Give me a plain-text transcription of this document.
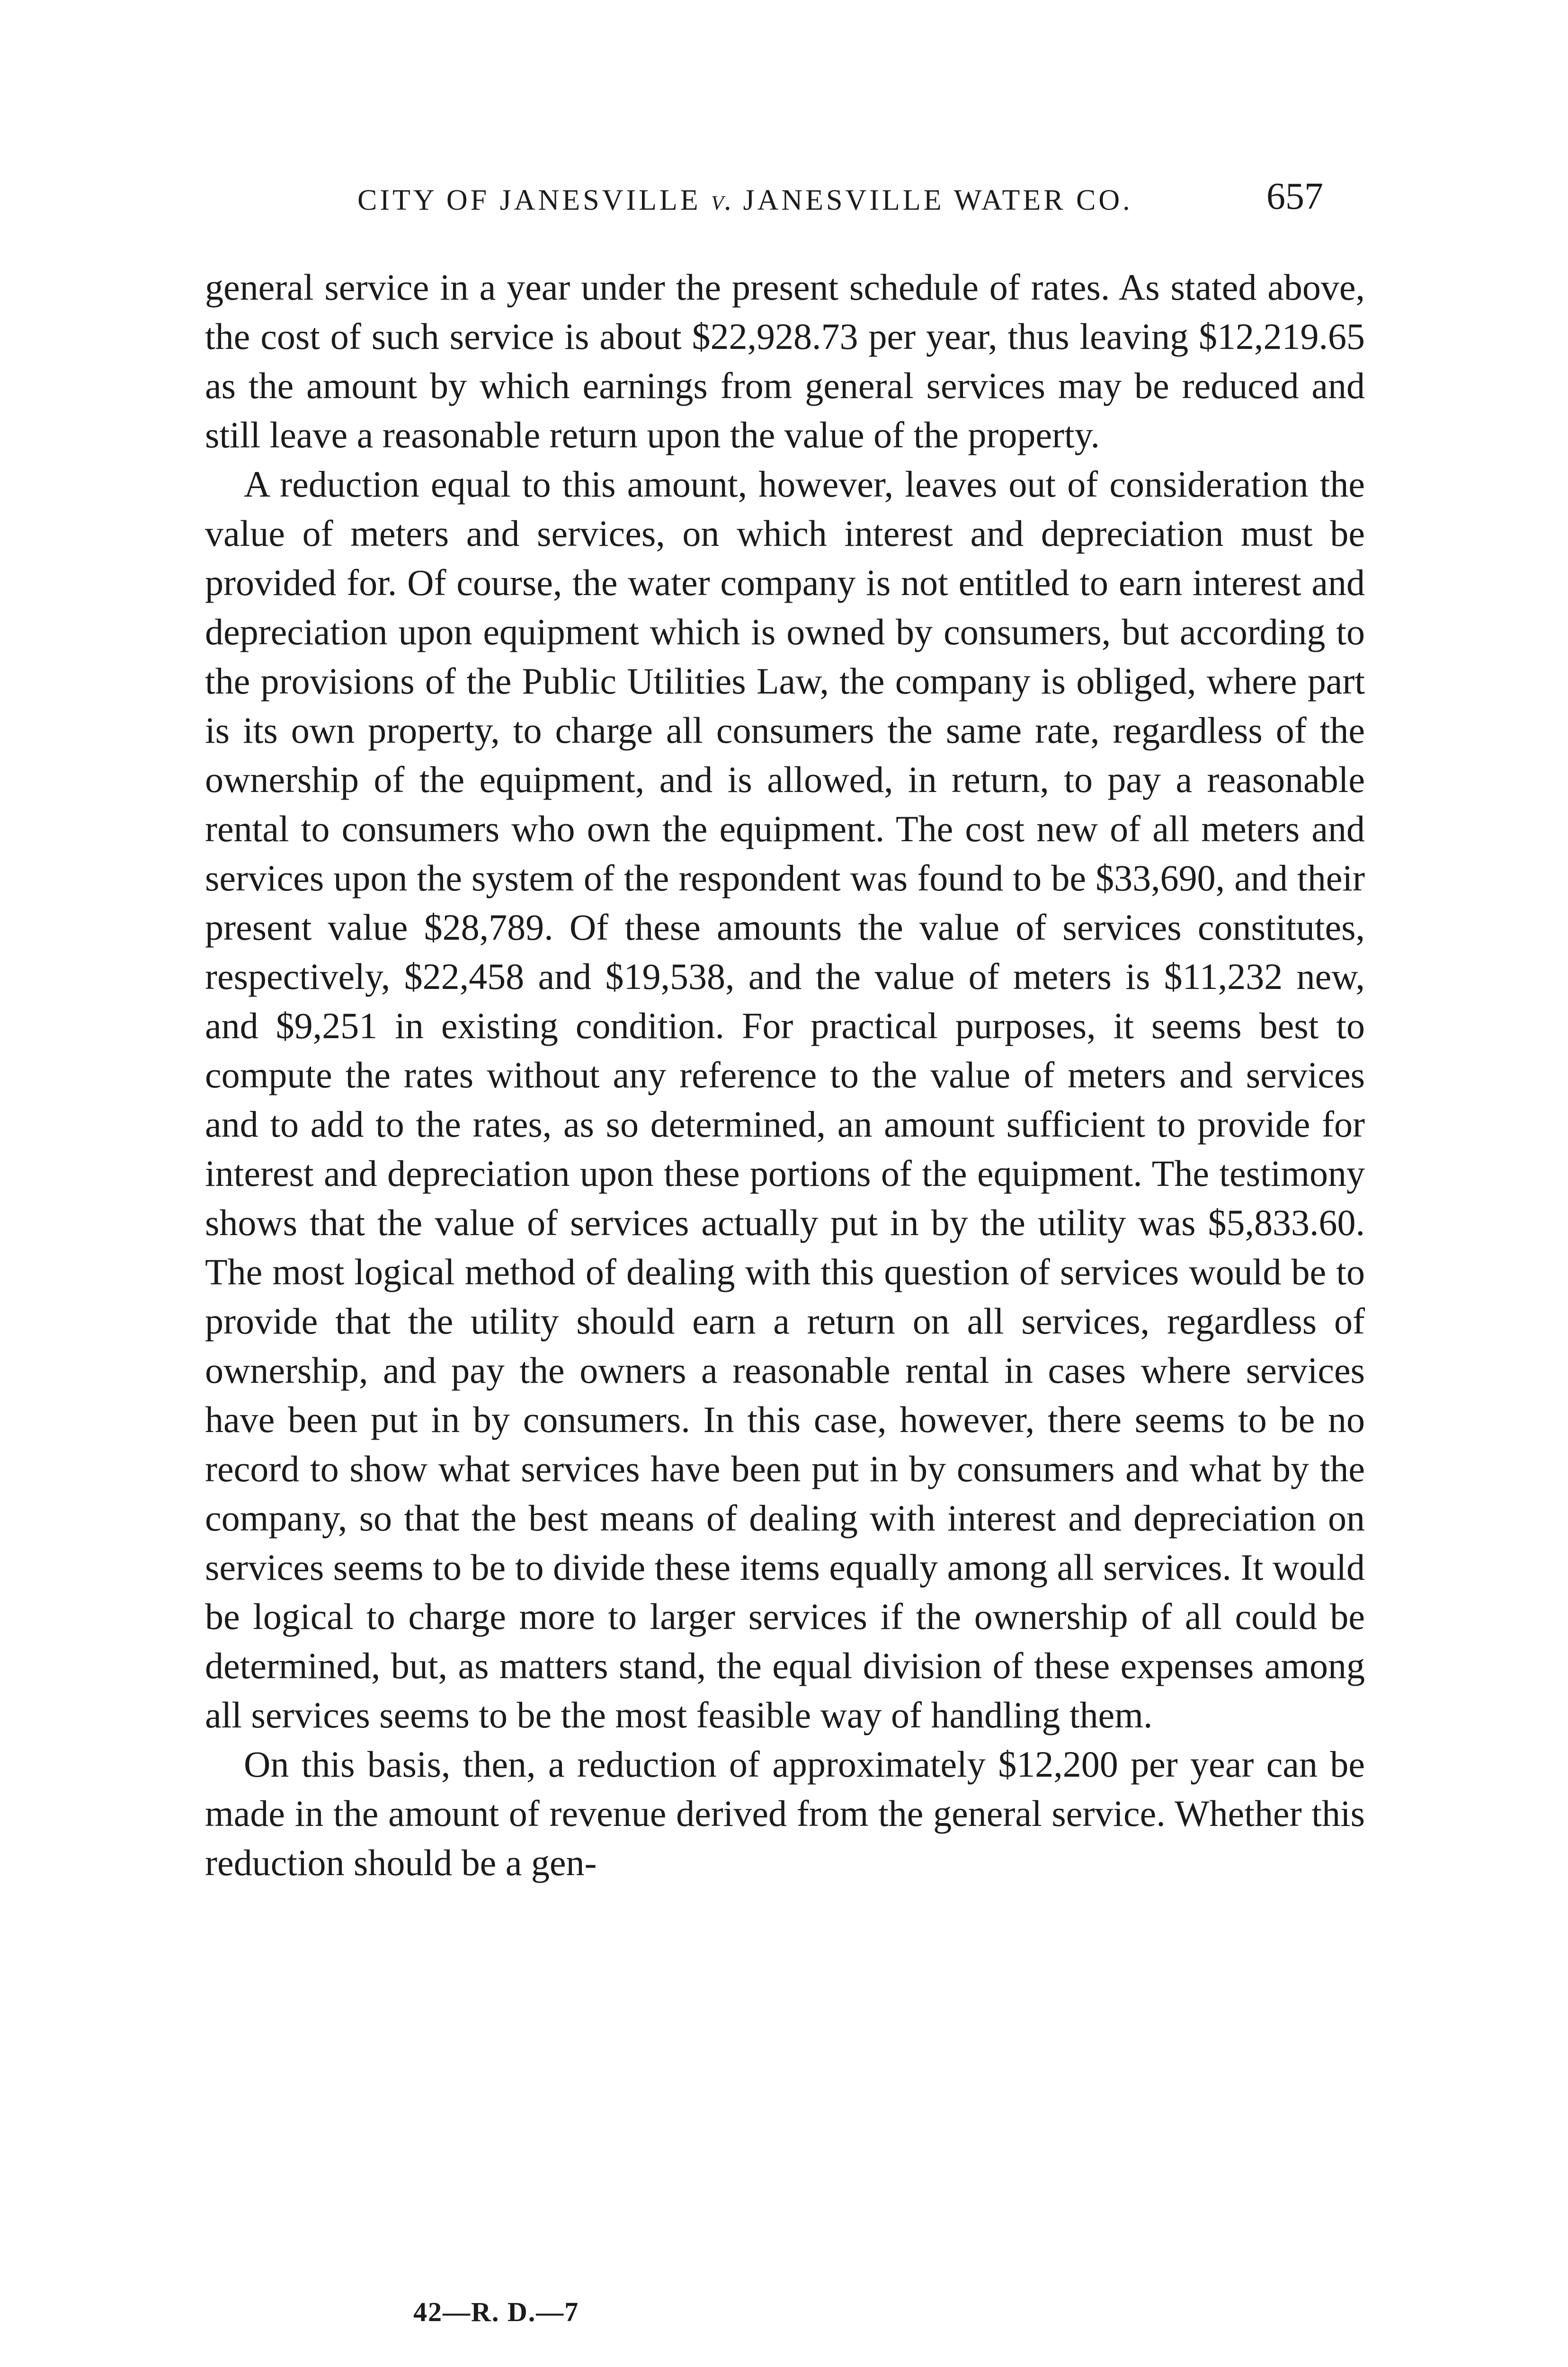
CITY OF JANESVILLE v. JANESVILLE WATER CO.	657

general service in a year under the present schedule of rates. As stated above, the cost of such service is about $22,928.73 per year, thus leaving $12,219.65 as the amount by which earnings from general services may be reduced and still leave a reasonable return upon the value of the property.

A reduction equal to this amount, however, leaves out of consideration the value of meters and services, on which interest and depreciation must be provided for. Of course, the water company is not entitled to earn interest and depreciation upon equipment which is owned by consumers, but according to the provisions of the Public Utilities Law, the company is obliged, where part is its own property, to charge all consumers the same rate, regardless of the ownership of the equipment, and is allowed, in return, to pay a reasonable rental to consumers who own the equipment. The cost new of all meters and services upon the system of the respondent was found to be $33,690, and their present value $28,789. Of these amounts the value of services constitutes, respectively, $22,458 and $19,538, and the value of meters is $11,232 new, and $9,251 in existing condition. For practical purposes, it seems best to compute the rates without any reference to the value of meters and services and to add to the rates, as so determined, an amount sufficient to provide for interest and depreciation upon these portions of the equipment. The testimony shows that the value of services actually put in by the utility was $5,833.60. The most logical method of dealing with this question of services would be to provide that the utility should earn a return on all services, regardless of ownership, and pay the owners a reasonable rental in cases where services have been put in by consumers. In this case, however, there seems to be no record to show what services have been put in by consumers and what by the company, so that the best means of dealing with interest and depreciation on services seems to be to divide these items equally among all services. It would be logical to charge more to larger services if the ownership of all could be determined, but, as matters stand, the equal division of these expenses among all services seems to be the most feasible way of handling them.

On this basis, then, a reduction of approximately $12,200 per year can be made in the amount of revenue derived from the general service. Whether this reduction should be a gen-

42—R. D.—7
